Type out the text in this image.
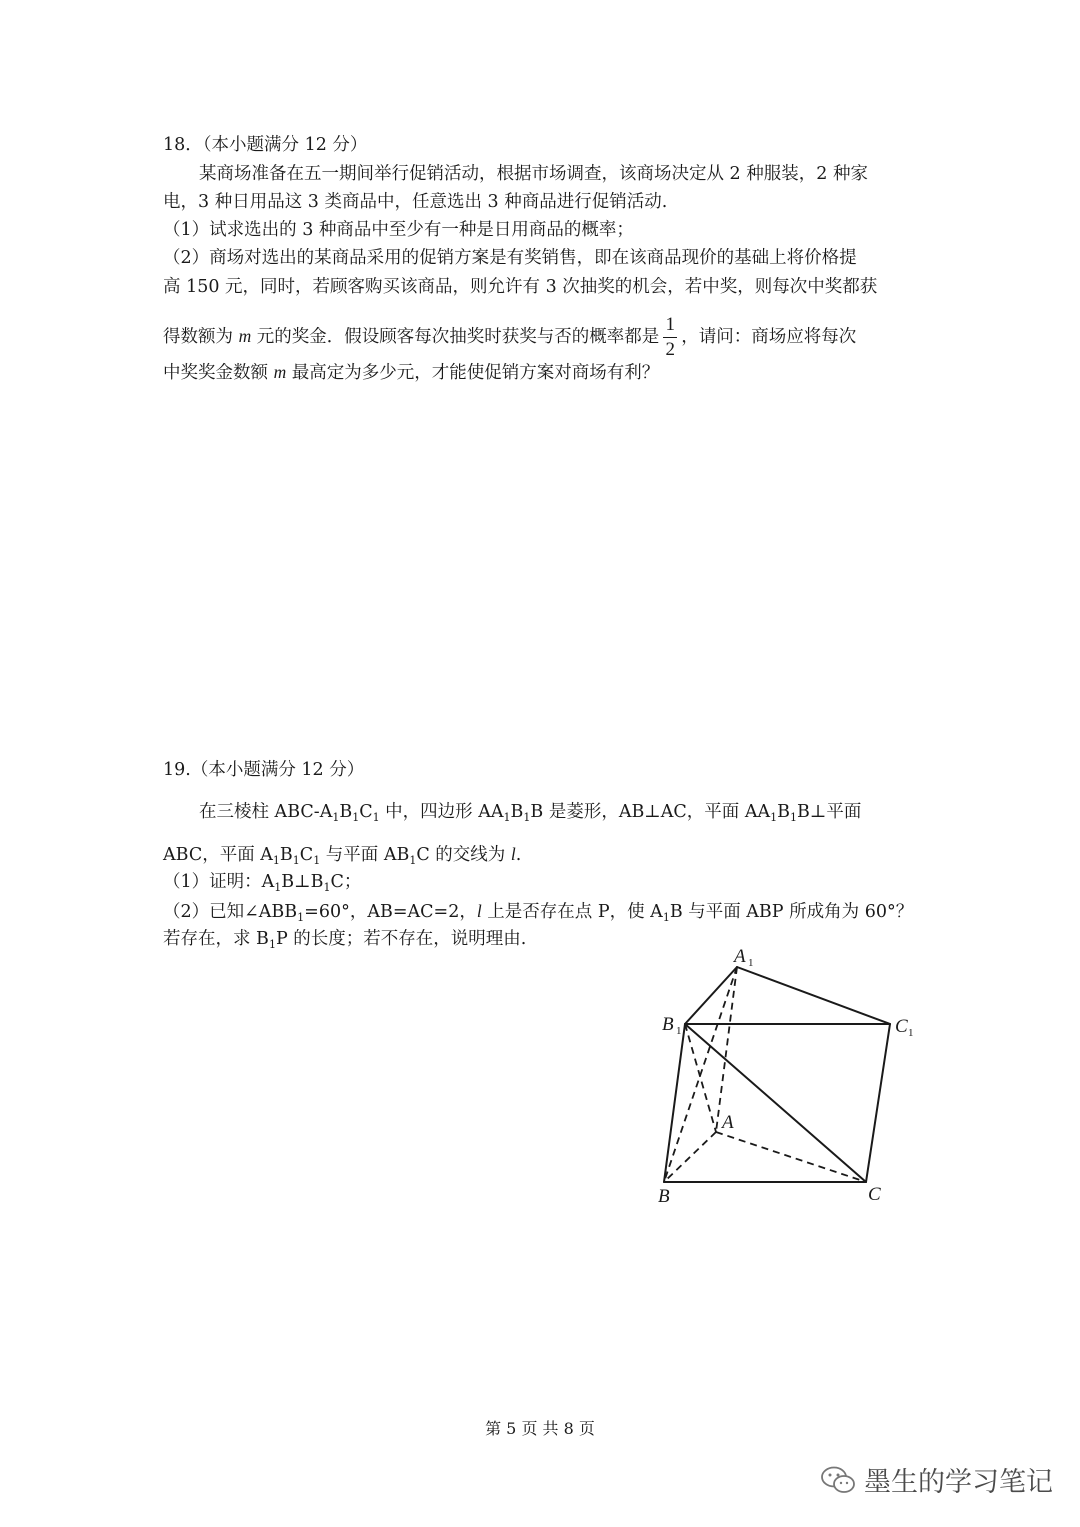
18．（本小题满分 12 分）
某商场准备在五一期间举行促销活动，根据市场调查，该商场决定从 2 种服装，2 种家
电，3 种日用品这 3 类商品中，任意选出 3 种商品进行促销活动.
（1）试求选出的 3 种商品中至少有一种是日用商品的概率；
（2）商场对选出的某商品采用的促销方案是有奖销售，即在该商品现价的基础上将价格提
高 150 元，同时，若顾客购买该商品，则允许有 3 次抽奖的机会，若中奖，则每次中奖都获
得数额为 m 元的奖金．假设顾客每次抽奖时获奖与否的概率都是 $\frac{1}{2}$ ，请问：商场应将每次
中奖奖金数额 m 最高定为多少元，才能使促销方案对商场有利？
19.（本小题满分 12 分）
在三棱柱 ABC-$A_1B_1C_1$ 中，四边形 $AA_1B_1B$ 是菱形，AB⊥AC，平面 $AA_1B_1B\perp$平面
ABC，平面 $A_1B_1C_1$ 与平面 $AB_1C$ 的交线为 l.
（1）证明：$A_1B\perp B_1C$；
（2）已知$\angle ABB_1=60^\circ$，AB=AC=2，l 上是否存在点 P，使 $A_1B$ 与平面 ABP 所成角为 60°？
若存在，求 $B_1P$ 的长度；若不存在，说明理由.
A 1
B 1	C 1
A
B	C
第 5 页 共 8 页
墨生的学习笔记
